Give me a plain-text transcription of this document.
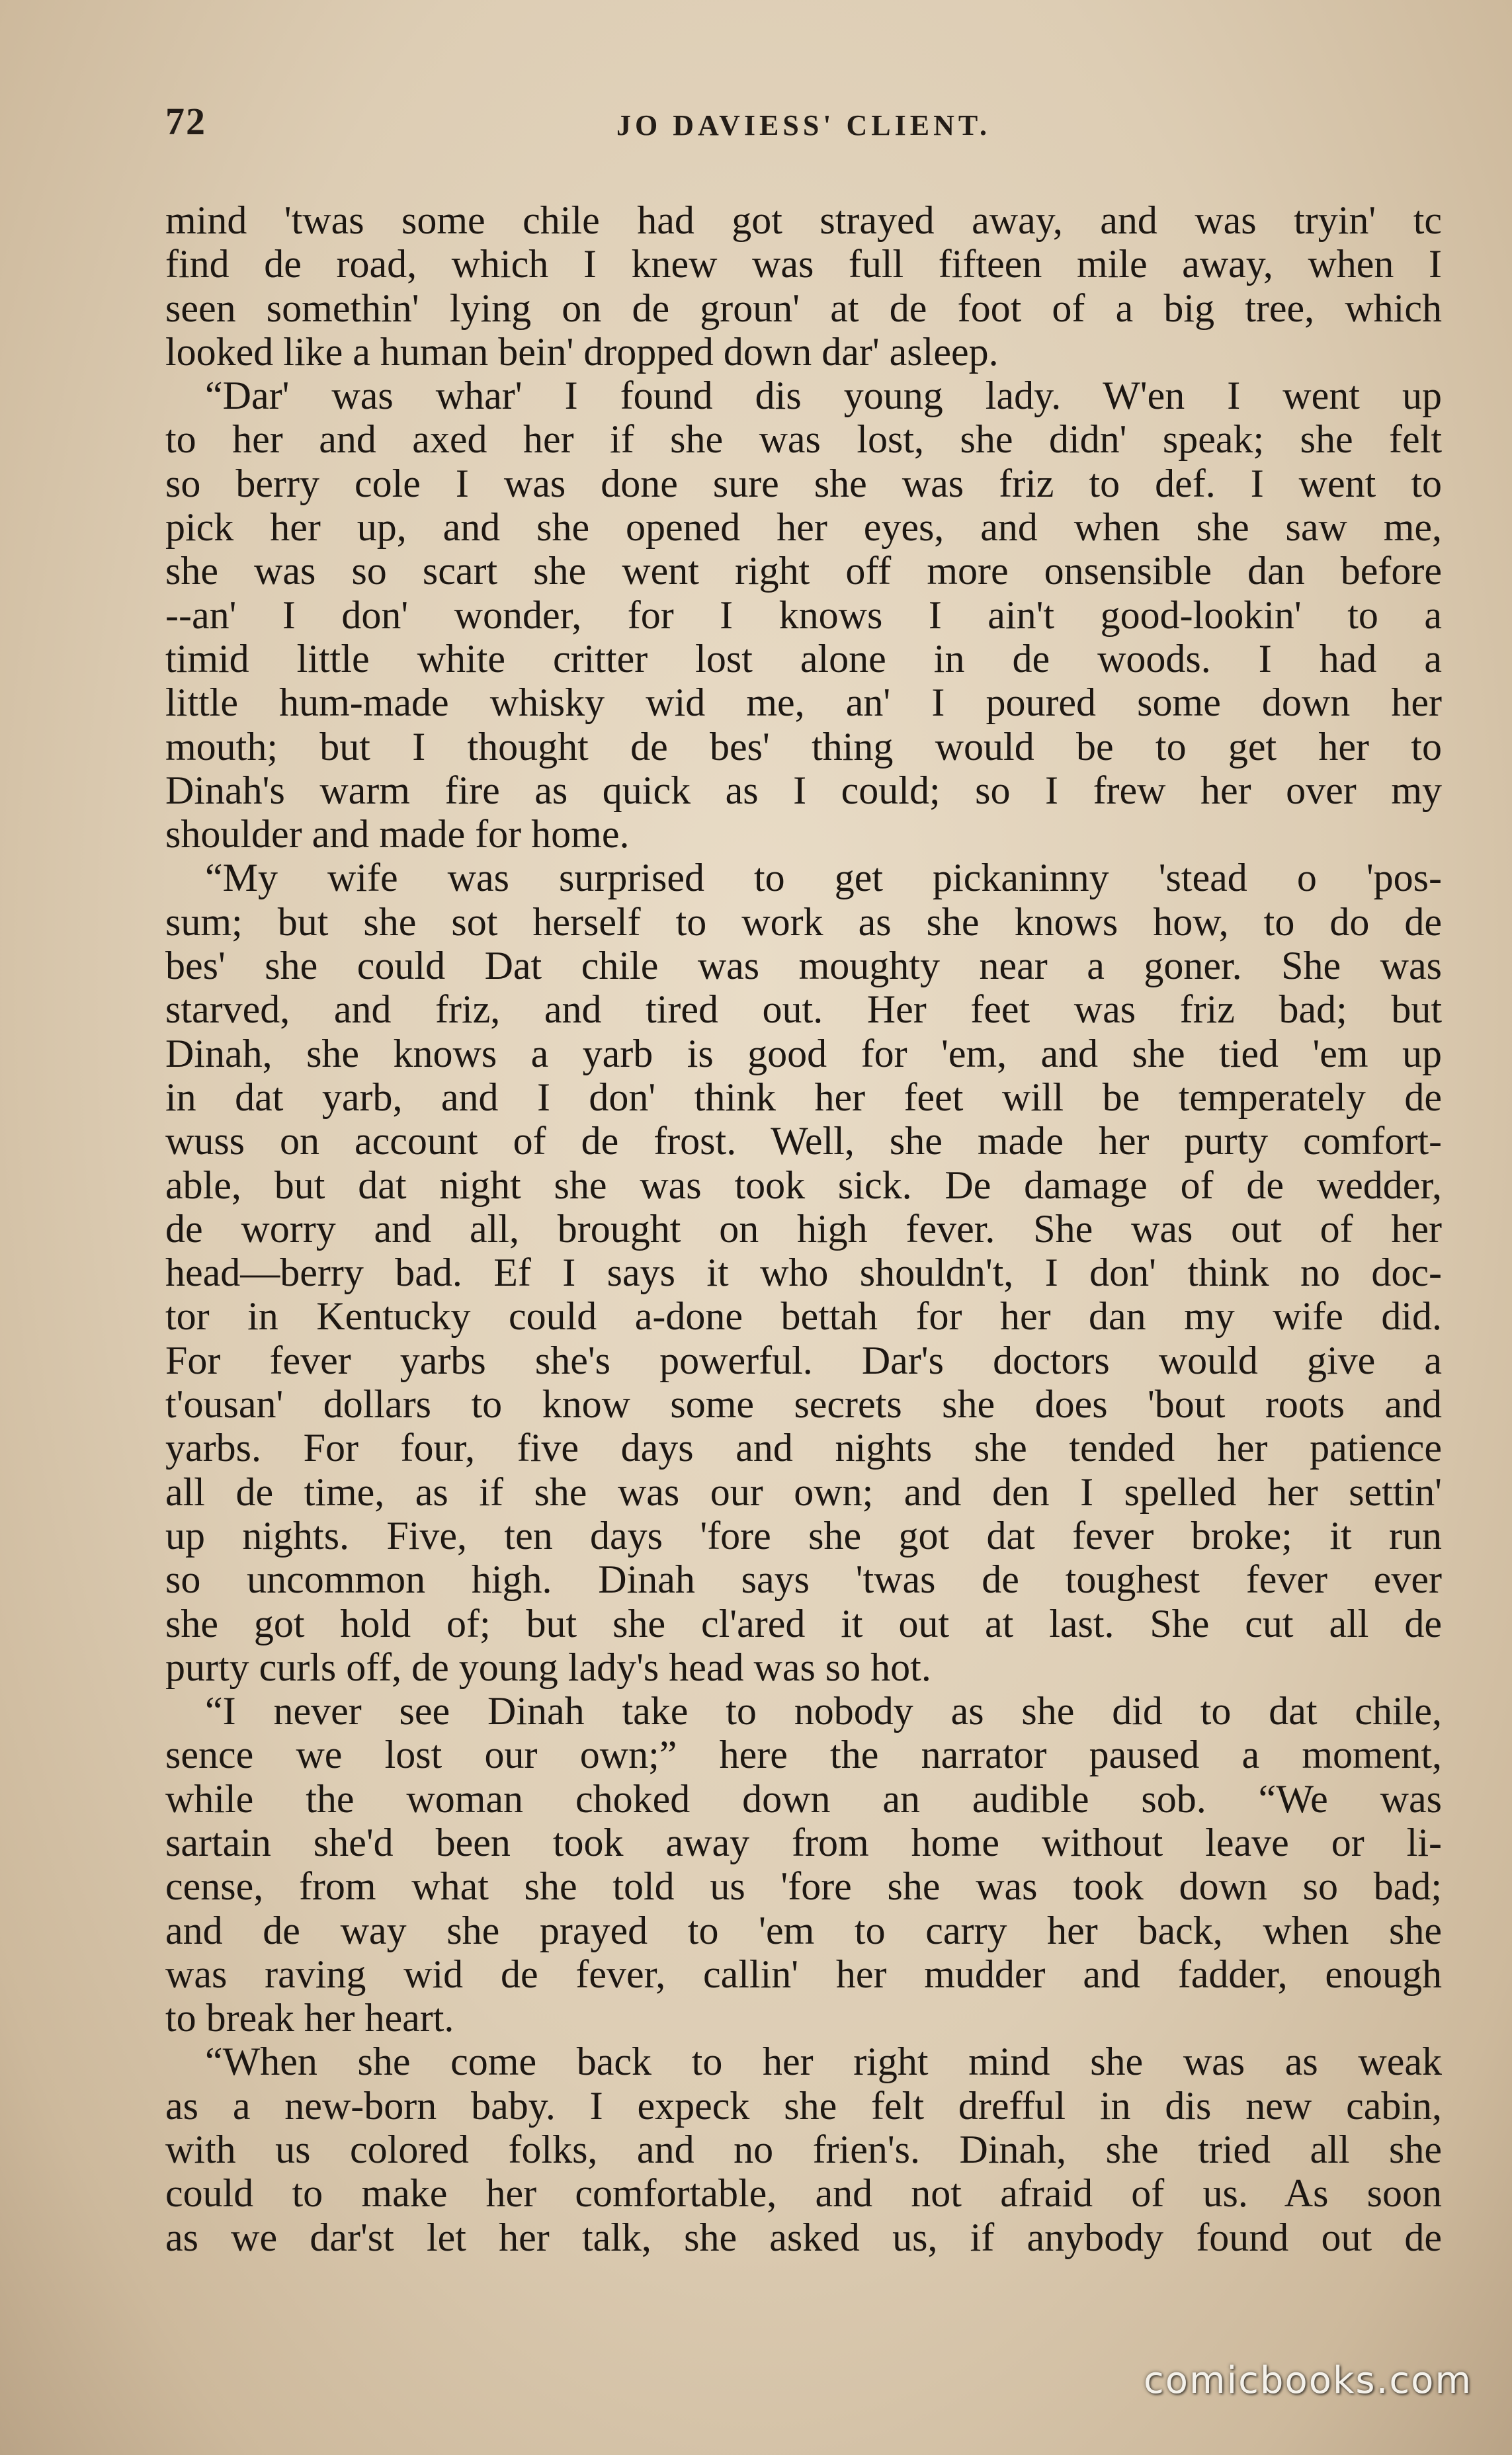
72	JO DAVIESS' CLIENT.

mind 'twas some chile had got strayed away, and was tryin' tc

find de road, which I knew was full fifteen mile away, when I

seen somethin' lying on de groun' at de foot of a big tree, which

looked like a human bein' dropped down dar' asleep.

“Dar' was whar' I found dis young lady. W'en I went up

to her and axed her if she was lost, she didn' speak; she felt

so berry cole I was done sure she was friz to def. I went to

pick her up, and she opened her eyes, and when she saw me,

she was so scart she went right off more onsensible dan before

--an' I don' wonder, for I knows I ain't good-lookin' to a

timid little white critter lost alone in de woods. I had a

little hum-made whisky wid me, an' I poured some down her

mouth; but I thought de bes' thing would be to get her to

Dinah's warm fire as quick as I could; so I frew her over my

shoulder and made for home.

“My wife was surprised to get pickaninny 'stead o 'pos-

sum; but she sot herself to work as she knows how, to do de

bes' she could Dat chile was moughty near a goner. She was

starved, and friz, and tired out. Her feet was friz bad; but

Dinah, she knows a yarb is good for 'em, and she tied 'em up

in dat yarb, and I don' think her feet will be temperately de

wuss on account of de frost. Well, she made her purty comfort-

able, but dat night she was took sick. De damage of de wedder,

de worry and all, brought on high fever. She was out of her

head—berry bad. Ef I says it who shouldn't, I don' think no doc-

tor in Kentucky could a-done bettah for her dan my wife did.

For fever yarbs she's powerful. Dar's doctors would give a

t'ousan' dollars to know some secrets she does 'bout roots and

yarbs. For four, five days and nights she tended her patience

all de time, as if she was our own; and den I spelled her settin'

up nights. Five, ten days 'fore she got dat fever broke; it run

so uncommon high. Dinah says 'twas de toughest fever ever

she got hold of; but she cl'ared it out at last. She cut all de

purty curls off, de young lady's head was so hot.

“I never see Dinah take to nobody as she did to dat chile,

sence we lost our own;” here the narrator paused a moment,

while the woman choked down an audible sob. “We was

sartain she'd been took away from home without leave or li-

cense, from what she told us 'fore she was took down so bad;

and de way she prayed to 'em to carry her back, when she

was raving wid de fever, callin' her mudder and fadder, enough

to break her heart.

“When she come back to her right mind she was as weak

as a new-born baby. I expeck she felt drefful in dis new cabin,

with us colored folks, and no frien's. Dinah, she tried all she

could to make her comfortable, and not afraid of us. As soon

as we dar'st let her talk, she asked us, if anybody found out de

comicbooks.com
